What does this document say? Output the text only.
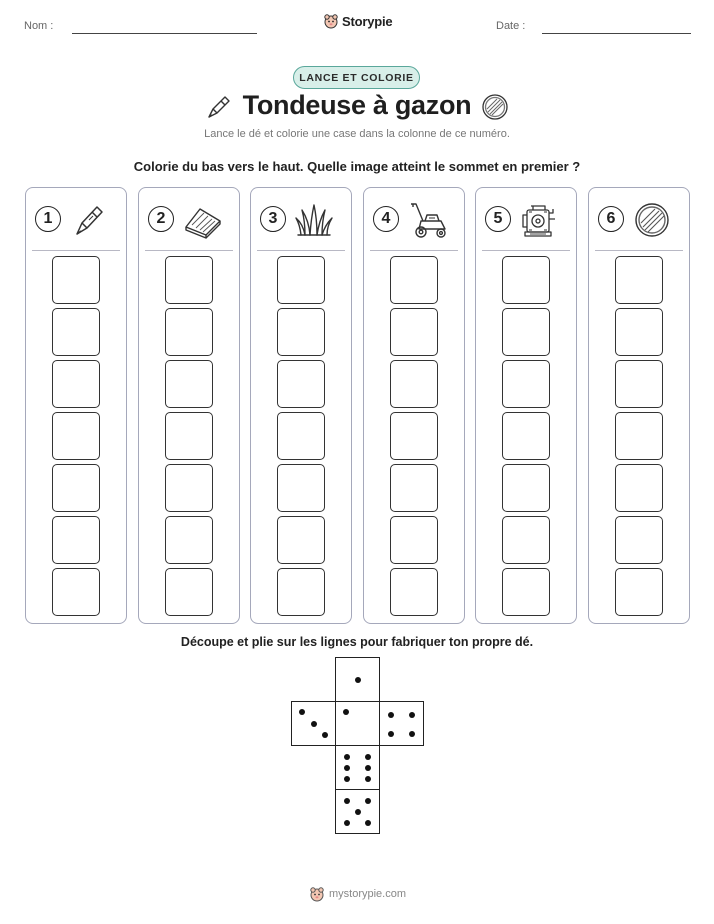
Nom :	Storypie	Date :
LANCE ET COLORIE
Tondeuse à gazon
Lance le dé et colorie une case dans la colonne de ce numéro.
Colorie du bas vers le haut. Quelle image atteint le sommet en premier ?
1	2	3	4	5	6
Découpe et plie sur les lignes pour fabriquer ton propre dé.
mystorypie.com
